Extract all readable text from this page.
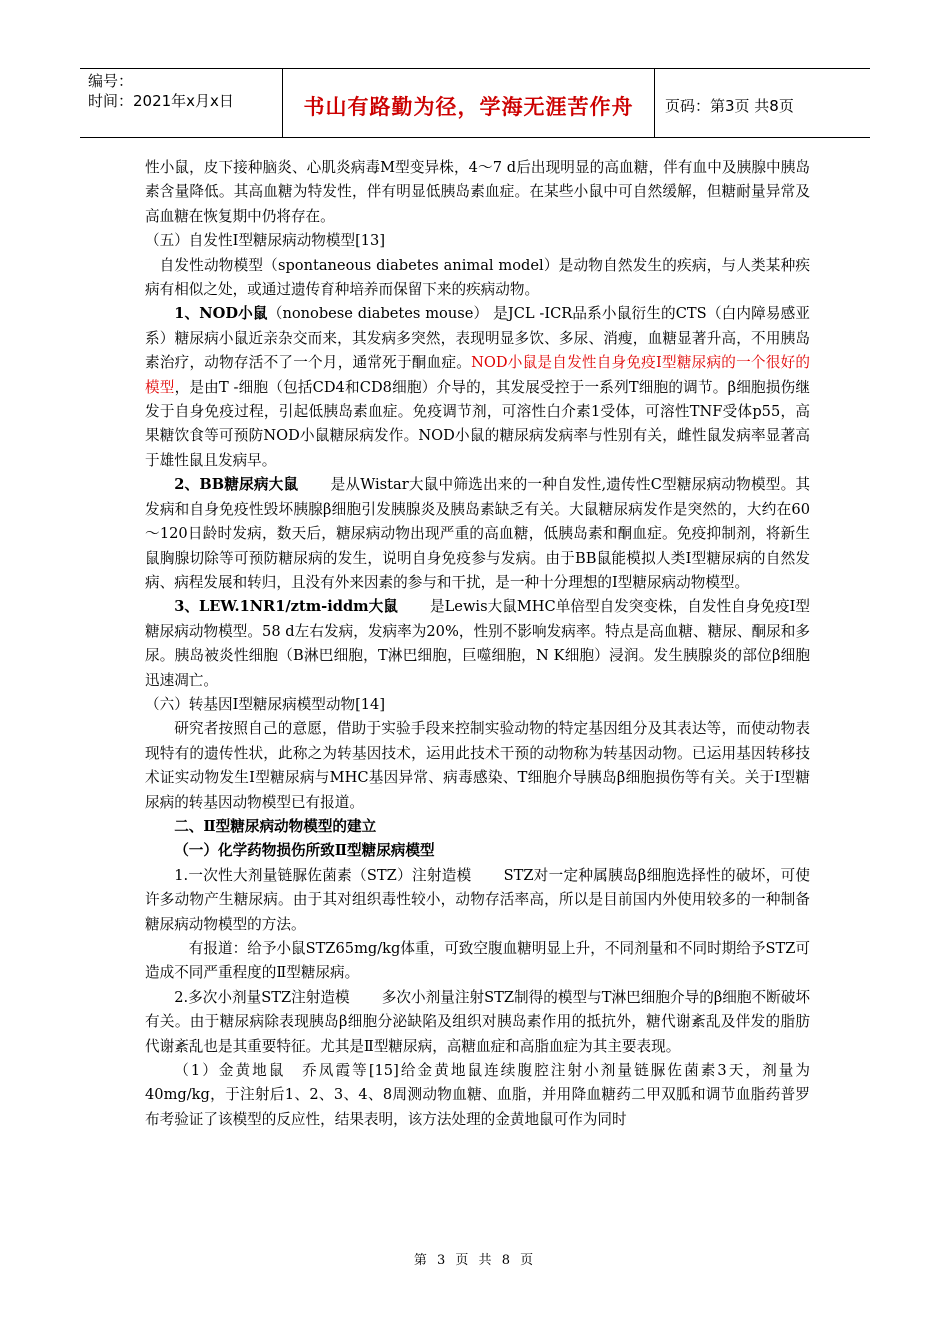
编号：
时间：2021年x月x日	书山有路勤为径，学海无涯苦作舟	页码：第3页 共8页

性小鼠，皮下接种脑炎、心肌炎病毒M型变异株，4～7 d后出现明显的高血糖，伴有血中及胰腺中胰岛素含量降低。其高血糖为特发性，伴有明显低胰岛素血症。在某些小鼠中可自然缓解，但糖耐量异常及高血糖在恢复期中仍将存在。

（五）自发性Ⅰ型糖尿病动物模型[13]

自发性动物模型（spontaneous diabetes animal model）是动物自然发生的疾病，与人类某种疾病有相似之处，或通过遗传育种培养而保留下来的疾病动物。

1、NOD小鼠（nonobese diabetes mouse） 是JCL -ICR品系小鼠衍生的CTS（白内障易感亚系）糖尿病小鼠近亲杂交而来，其发病多突然，表现明显多饮、多尿、消瘦，血糖显著升高，不用胰岛素治疗，动物存活不了一个月，通常死于酮血症。NOD小鼠是自发性自身免疫I型糖尿病的一个很好的模型，是由T -细胞（包括CD4和CD8细胞）介导的，其发展受控于一系列T细胞的调节。β细胞损伤继发于自身免疫过程，引起低胰岛素血症。免疫调节剂，可溶性白介素1受体，可溶性TNF受体p55，高果糖饮食等可预防NOD小鼠糖尿病发作。NOD小鼠的糖尿病发病率与性别有关，雌性鼠发病率显著高于雄性鼠且发病早。

2、BB糖尿病大鼠 是从Wistar大鼠中筛选出来的一种自发性,遗传性C型糖尿病动物模型。其发病和自身免疫性毁坏胰腺β细胞引发胰腺炎及胰岛素缺乏有关。大鼠糖尿病发作是突然的，大约在60～120日龄时发病，数天后，糖尿病动物出现严重的高血糖，低胰岛素和酮血症。免疫抑制剂，将新生鼠胸腺切除等可预防糖尿病的发生，说明自身免疫参与发病。由于BB鼠能模拟人类Ⅰ型糖尿病的自然发病、病程发展和转归，且没有外来因素的参与和干扰，是一种十分理想的Ⅰ型糖尿病动物模型。

3、LEW.1NR1/ztm-iddm大鼠 是Lewis大鼠MHC单倍型自发突变株，自发性自身免疫Ⅰ型糖尿病动物模型。58 d左右发病，发病率为20%，性别不影响发病率。特点是高血糖、糖尿、酮尿和多尿。胰岛被炎性细胞（B淋巴细胞，T淋巴细胞，巨噬细胞，N K细胞）浸润。发生胰腺炎的部位β细胞迅速凋亡。

（六）转基因Ⅰ型糖尿病模型动物[14]

研究者按照自己的意愿，借助于实验手段来控制实验动物的特定基因组分及其表达等，而使动物表现特有的遗传性状，此称之为转基因技术，运用此技术干预的动物称为转基因动物。已运用基因转移技术证实动物发生Ⅰ型糖尿病与MHC基因异常、病毒感染、T细胞介导胰岛β细胞损伤等有关。关于Ⅰ型糖尿病的转基因动物模型已有报道。

二、Ⅱ型糖尿病动物模型的建立

（一）化学药物损伤所致Ⅱ型糖尿病模型

1.一次性大剂量链脲佐菌素（STZ）注射造模 STZ对一定种属胰岛β细胞选择性的破坏，可使许多动物产生糖尿病。由于其对组织毒性较小，动物存活率高，所以是目前国内外使用较多的一种制备糖尿病动物模型的方法。

有报道：给予小鼠STZ65mg/kg体重，可致空腹血糖明显上升，不同剂量和不同时期给予STZ可造成不同严重程度的Ⅱ型糖尿病。

2.多次小剂量STZ注射造模 多次小剂量注射STZ制得的模型与T淋巴细胞介导的β细胞不断破坏有关。由于糖尿病除表现胰岛β细胞分泌缺陷及组织对胰岛素作用的抵抗外，糖代谢紊乱及伴发的脂肪代谢紊乱也是其重要特征。尤其是Ⅱ型糖尿病，高糖血症和高脂血症为其主要表现。

（1）金黄地鼠 乔凤霞等[15]给金黄地鼠连续腹腔注射小剂量链脲佐菌素3天，剂量为40mg/kg，于注射后1、2、3、4、8周测动物血糖、血脂，并用降血糖药二甲双胍和调节血脂药普罗布考验证了该模型的反应性，结果表明，该方法处理的金黄地鼠可作为同时

第 3 页 共 8 页
